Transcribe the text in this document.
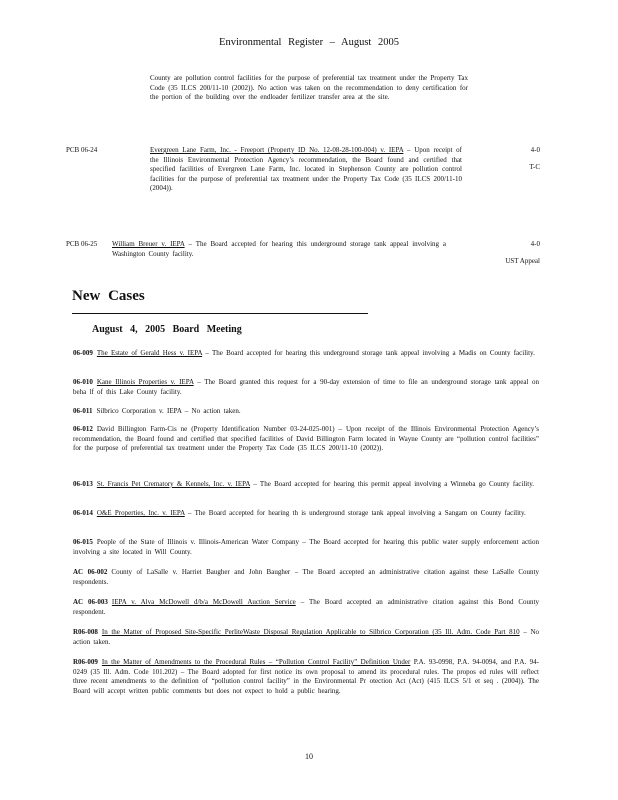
Environmental Register – August 2005
County are pollution control facilities for the purpose of preferential tax treatment under the Property Tax Code (35 ILCS 200/11-10 (2002)). No action was taken on the recommendation to deny certification for the portion of the building over the endloader fertilizer transfer area at the site.
PCB 06-24	Evergreen Lane Farm, Inc. - Freeport (Property ID No. 12-08-28-100-004) v. IEPA – Upon receipt of the Illinois Environmental Protection Agency’s recommendation, the Board found and certified that specified facilities of Evergreen Lane Farm, Inc. located in Stephenson County are pollution control facilities for the purpose of preferential tax treatment under the Property Tax Code (35 ILCS 200/11-10 (2004)).
4-0
T-C
PCB 06-25 William Breuer v. IEPA – The Board accepted for hearing this underground storage tank appeal involving a Washington County facility.
4-0
UST Appeal
New Cases
August 4, 2005 Board Meeting
06-009 The Estate of Gerald Hess v. IEPA – The Board accepted for hearing this underground storage tank appeal involving a Madis on County facility.
06-010 Kane Illinois Properties v. IEPA – The Board granted this request for a 90-day extension of time to file an underground storage tank appeal on beha lf of this Lake County facility.
06-011 Silbrico Corporation v. IEPA – No action taken.
06-012 David Billington Farm-Cis ne (Property Identification Number 03-24-025-001) – Upon receipt of the Illinois Environmental Protection Agency’s recommendation, the Board found and certified that specified facilities of David Billington Farm located in Wayne County are “pollution control facilities” for the purpose of preferential tax treatment under the Property Tax Code (35 ILCS 200/11-10 (2002)).
06-013 St. Francis Pet Crematory & Kennels, Inc. v. IEPA – The Board accepted for hearing this permit appeal involving a Winneba go County facility.
06-014 O&E Properties, Inc. v. IEPA – The Board accepted for hearing th is underground storage tank appeal involving a Sangam on County facility.
06-015 People of the State of Illinois v. Illinois-American Water Company – The Board accepted for hearing this public water supply enforcement action involving a site located in Will County.
AC 06-002 County of LaSalle v. Harriet Baugher and John Baugher – The Board accepted an administrative citation against these LaSalle County respondents.
AC 06-003 IEPA v. Alva McDowell d/b/a McDowell Auction Service – The Board accepted an administrative citation against this Bond County respondent.
R06-008 In the Matter of Proposed Site-Specific PerliteWaste Disposal Regulation Applicable to Silbrico Corporation (35 Ill. Adm. Code Part 810 – No action taken.
R06-009 In the Matter of Amendments to the Procedural Rules – “Pollution Control Facility” Definition Under P.A. 93-0998, P.A. 94-0094, and P.A. 94-0249 (35 Ill. Adm. Code 101.202) – The Board adopted for first notice its own proposal to amend its procedural rules. The propos ed rules will reflect three recent amendments to the definition of “pollution control facility” in the Environmental Pr otection Act (Act) (415 ILCS 5/1 et seq . (2004)). The Board will accept written public comments but does not expect to hold a public hearing.
10
